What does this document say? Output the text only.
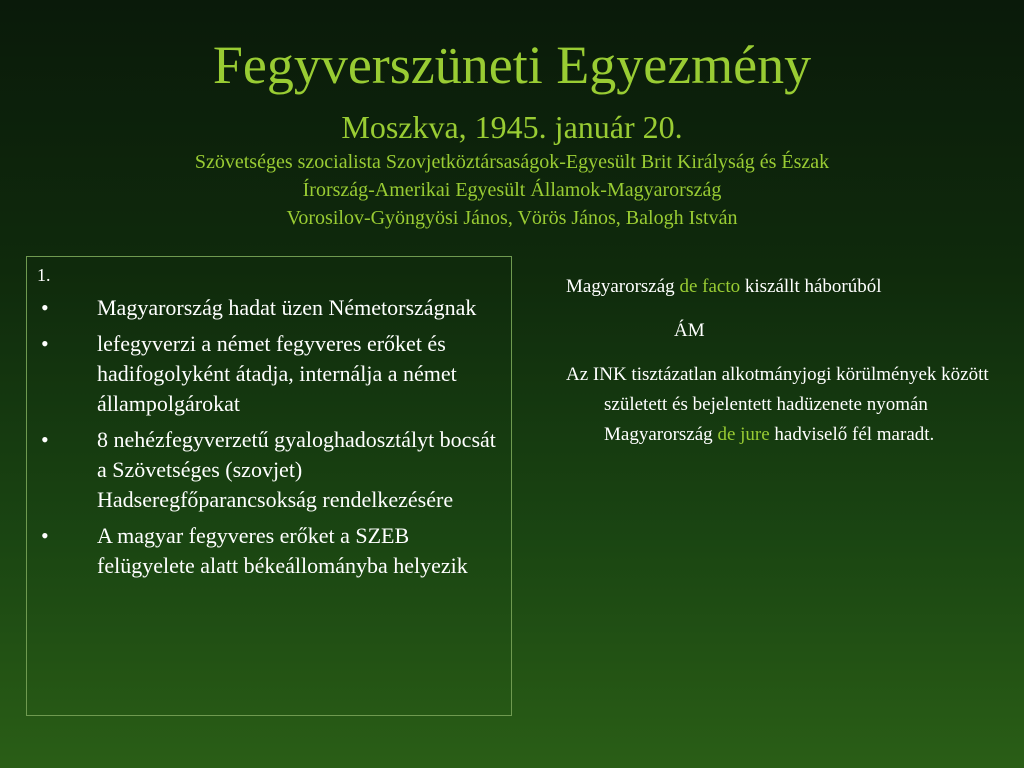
Fegyverszüneti Egyezmény
Moszkva, 1945. január 20.
Szövetséges szocialista Szovjetköztársaságok-Egyesült Brit Királyság és Észak
Írország-Amerikai Egyesült Államok-Magyarország
Vorosilov-Gyöngyösi János, Vörös János, Balogh István
1.
• Magyarország hadat üzen Németországnak
• lefegyverzi a német fegyveres erőket és hadifogolyként átadja, internálja a német állampolgárokat
• 8 nehézfegyverzetű gyaloghadosztályt bocsát a Szövetséges (szovjet) Hadseregfőparancsokság rendelkezésére
• A magyar fegyveres erőket a SZEB felügyelete alatt békeállományba helyezik
Magyarország de facto kiszállt háborúból
ÁM
Az INK tisztázatlan alkotmányjogi körülmények között született és bejelentett hadüzenete nyomán Magyarország de jure hadviselő fél maradt.
